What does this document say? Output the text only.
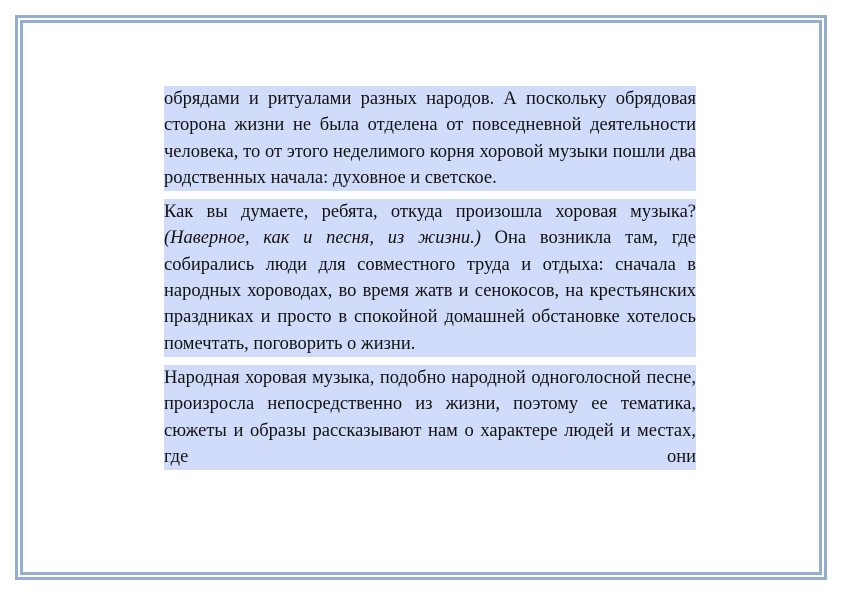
обрядами и ритуалами разных народов. А поскольку обрядовая сторона жизни не была отделена от повседневной деятельности человека, то от этого неделимого корня хоровой музыки пошли два родственных начала: духовное и светское.

Как вы думаете, ребята, откуда произошла хоровая музыка? (Наверное, как и песня, из жизни.) Она возникла там, где собирались люди для совместного труда и отдыха: сначала в народных хороводах, во время жатв и сенокосов, на крестьянских праздниках и просто в спокойной домашней обстановке хотелось помечтать, поговорить о жизни.

Народная хоровая музыка, подобно народной одноголосной песне, произросла непосредственно из жизни, поэтому ее тематика, сюжеты и образы рассказывают нам о характере людей и местах, где они
